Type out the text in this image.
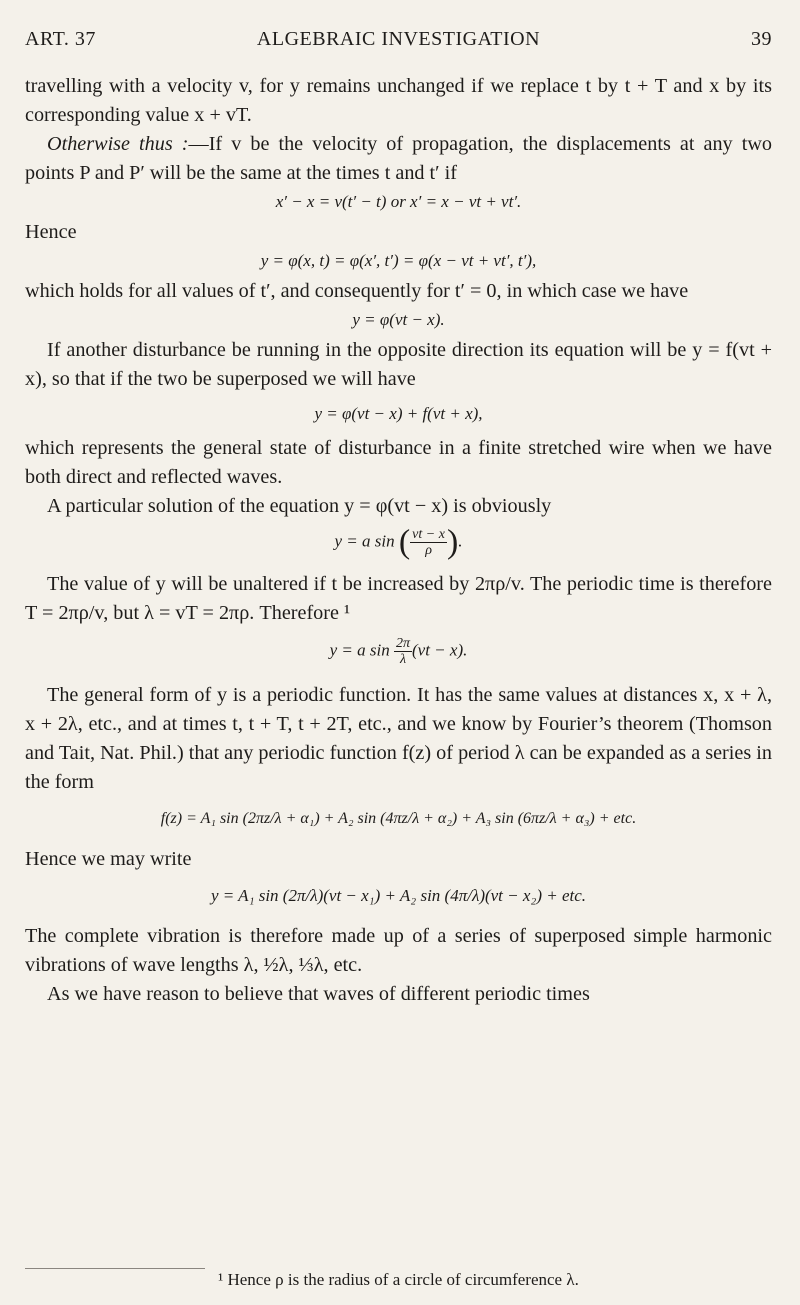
ART. 37	ALGEBRAIC INVESTIGATION	39

travelling with a velocity v, for y remains unchanged if we replace t by t + T and x by its corresponding value x + vT.

Otherwise thus :—If v be the velocity of propagation, the displacements at any two points P and P′ will be the same at the times t and t′ if

x′ − x = v(t′ − t) or x′ = x − vt + vt′.
Hence
y = φ(x, t) = φ(x′, t′) = φ(x − vt + vt′, t′),

which holds for all values of t′, and consequently for t′ = 0, in which case we have

y = φ(vt − x).

If another disturbance be running in the opposite direction its equation will be y = f(vt + x), so that if the two be superposed we will have

y = φ(vt − x) + f(vt + x),

which represents the general state of disturbance in a finite stretched wire when we have both direct and reflected waves.

A particular solution of the equation y = φ(vt − x) is obviously

y = a sin ( $\frac{vt - x}{\rho}$ ).

The value of y will be unaltered if t be increased by 2πρ/v. The periodic time is therefore T = 2πρ/v, but λ = vT = 2πρ. Therefore ¹

y = a $\sin \frac{2\pi}{\lambda} (vt - x)$.

The general form of y is a periodic function. It has the same values at distances x, x + λ, x + 2λ, etc., and at times t, t + T, t + 2T, etc., and we know by Fourier’s theorem (Thomson and Tait, Nat. Phil.) that any periodic function f(z) of period λ can be expanded as a series in the form

f(z) = A₁ sin (2πz/λ + α₁) + A₂ sin (4πz/λ + α₂) + A₃ sin (6πz/λ + α₃) + etc.
Hence we may write
y = A₁ sin (2π/λ)(vt − x₁) + A₂ sin (4π/λ)(vt − x₂) + etc.

The complete vibration is therefore made up of a series of superposed simple harmonic vibrations of wave lengths λ, ½λ, ⅓λ, etc.

As we have reason to believe that waves of different periodic times

¹ Hence ρ is the radius of a circle of circumference λ.
